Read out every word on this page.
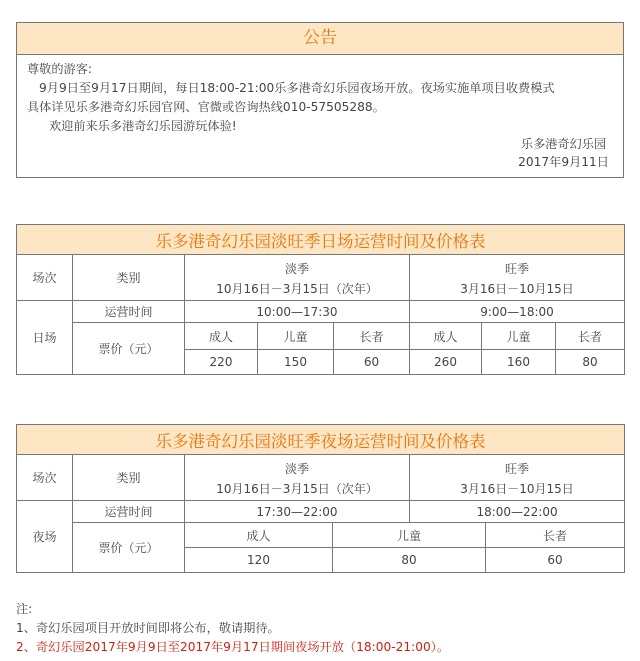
公告
尊敬的游客:
9月9日至9月17日期间，每日18:00-21:00乐多港奇幻乐园夜场开放。夜场实施单项目收费模式
具体详见乐多港奇幻乐园官网、官微或咨询热线010-57505288。
欢迎前来乐多港奇幻乐园游玩体验!
乐多港奇幻乐园
2017年9月11日
乐多港奇幻乐园淡旺季日场运营时间及价格表							
场次	类别	淡季			旺季		
		10月16日－3月15日（次年）			3月16日－10月15日		
日场	运营时间	10:00—17:30			9:00—18:00		
	票价（元）	成人	儿童	长者	成人	儿童	长者
		220	150	60	260	160	80
乐多港奇幻乐园淡旺季夜场运营时间及价格表					
场次	类别	淡季		旺季	
		10月16日－3月15日（次年）		3月16日－10月15日	
夜场	运营时间	17:30—22:00		18:00—22:00	
	票价（元）	成人	儿童		长者
		120	80		60
注:
1、奇幻乐园项目开放时间即将公布，敬请期待。
2、奇幻乐园2017年9月9日至2017年9月17日期间夜场开放（18:00-21:00）。
